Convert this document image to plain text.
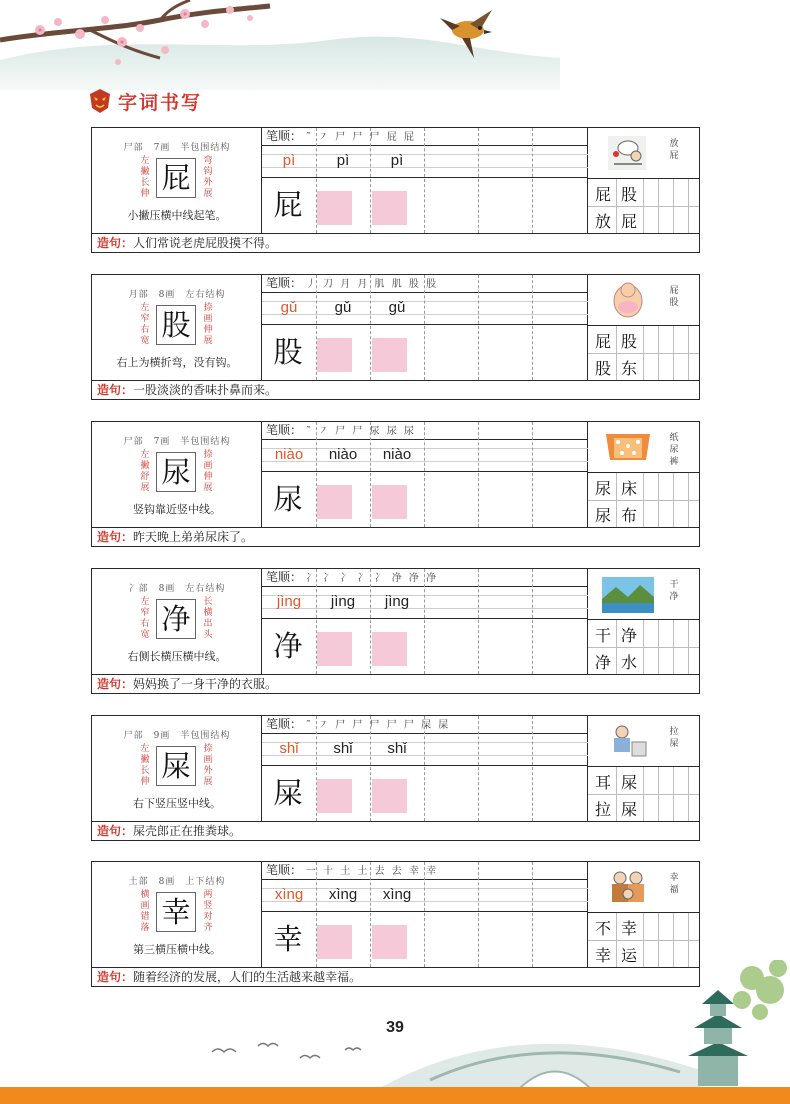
字词书写
尸部　7画　半包围结构
左撇长伸 屁	弯钩外展
小撇压横中线起笔。
笔顺： ˜ ㇇ 尸 尸 尸 屁 屁
pì	pì	pì
屁
放屁
屁 股
放 屁
造句：人们常说老虎屁股摸不得。
月部　8画　左右结构
左窄右宽 股	捺画伸展
右上为横折弯，没有钩。
笔顺： 丿 刀 月 月 肌 肌 股 股
gǔ	gǔ	gǔ
股
屁股
屁 股
股 东
造句：一股淡淡的香味扑鼻而来。
尸部　7画　半包围结构
左撇舒展 尿	捺画伸展
竖钩靠近竖中线。
笔顺： ˜ ㇇ 尸 尸 尿 尿 尿
niào	niào	niào
尿
纸尿裤
尿 床
尿 布
造句：昨天晚上弟弟尿床了。
冫部　8画　左右结构
左窄右宽 净	长横出头
右侧长横压横中线。
笔顺： 冫 冫 冫 冫 冫 净 净 净
jìng	jìng	jìng
净
干净
干 净
净 水
造句：妈妈换了一身干净的衣服。
尸部　9画　半包围结构
左撇长伸 屎	捺画外展
右下竖压竖中线。
笔顺： ˜ ㇇ 尸 尸 尸 尸 尸 屎 屎
shǐ	shǐ	shǐ
屎
拉屎
耳 屎
拉 屎
造句：屎壳郎正在推粪球。
土部　8画　上下结构
横画错落 幸	两竖对齐
第三横压横中线。
笔顺： 一 十 土 土 去 去 幸 幸
xìng	xìng	xìng
幸
幸福
不 幸
幸 运
造句：随着经济的发展，人们的生活越来越幸福。
39
